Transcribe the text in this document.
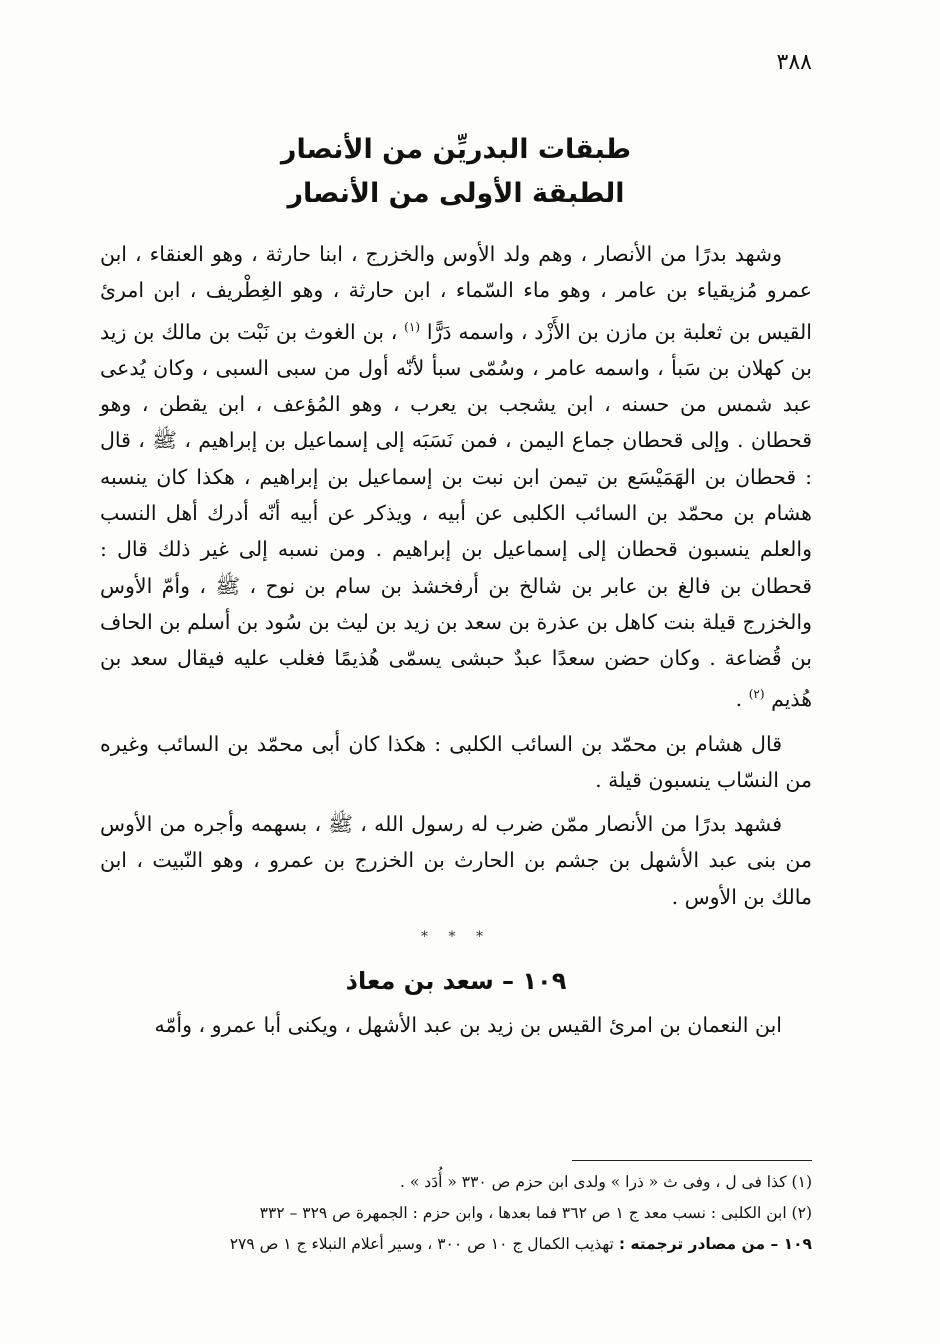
٣٨٨
طبقات البدريِّن من الأنصار
الطبقة الأولى من الأنصار

وشهد بدرًا من الأنصار ، وهم ولد الأوس والخزرج ، ابنا حارثة ، وهو العنقاء ، ابن عمرو مُزيقياء بن عامر ، وهو ماء السّماء ، ابن حارثة ، وهو الغِطْريف ، ابن امرئ القيس بن ثعلبة بن مازن بن الأَزْد ، واسمه دَرًّا $^{(١)}$ ، بن الغوث بن نَبْت بن مالك بن زيد بن كهلان بن سَبأ ، واسمه عامر ، وسُمّى سبأ لأنّه أول من سبى السبى ، وكان يُدعى عبد شمس من حسنه ، ابن يشجب بن يعرب ، وهو المُؤعف ، ابن يقطن ، وهو قحطان . وإلى قحطان جماع اليمن ، فمن نَسَبَه إلى إسماعيل بن إبراهيم ، ﷺ ، قال : قحطان بن الهَمَيْسَع بن تيمن ابن نبت بن إسماعيل بن إبراهيم ، هكذا كان ينسبه هشام بن محمّد بن السائب الكلبى عن أبيه ، ويذكر عن أبيه أنّه أدرك أهل النسب والعلم ينسبون قحطان إلى إسماعيل بن إبراهيم . ومن نسبه إلى غير ذلك قال : قحطان بن فالغ بن عابر بن شالخ بن أرفخشذ بن سام بن نوح ، ﷺ ، وأمّ الأوس والخزرج قيلة بنت كاهل بن عذرة بن سعد بن زيد بن ليث بن سُود بن أسلم بن الحاف بن قُضاعة . وكان حضن سعدًا عبدٌ حبشى يسمّى هُذيمًا فغلب عليه فيقال سعد بن هُذيم $^{(٢)}$ .

قال هشام بن محمّد بن السائب الكلبى : هكذا كان أبى محمّد بن السائب وغيره من النسّاب ينسبون قيلة .

فشهد بدرًا من الأنصار ممّن ضرب له رسول الله ، ﷺ ، بسهمه وأجره من الأوس من بنى عبد الأشهل بن جشم بن الحارث بن الخزرج بن عمرو ، وهو النّبيت ، ابن مالك بن الأوس .

* * *
١٠٩ – سعد بن معاذ

ابن النعمان بن امرئ القيس بن زيد بن عبد الأشهل ، ويكنى أبا عمرو ، وأمّه

(١) كذا فى ل ، وفى ث « ذرا » ولدى ابن حزم ص ٣٣٠ « أُدَد » .

(٢) ابن الكلبى : نسب معد ج ١ ص ٣٦٢ فما بعدها ، وابن حزم : الجمهرة ص ٣٢٩ – ٣٣٢

١٠٩ – من مصادر ترجمته : تهذيب الكمال ج ١٠ ص ٣٠٠ ، وسير أعلام النبلاء ج ١ ص ٢٧٩
